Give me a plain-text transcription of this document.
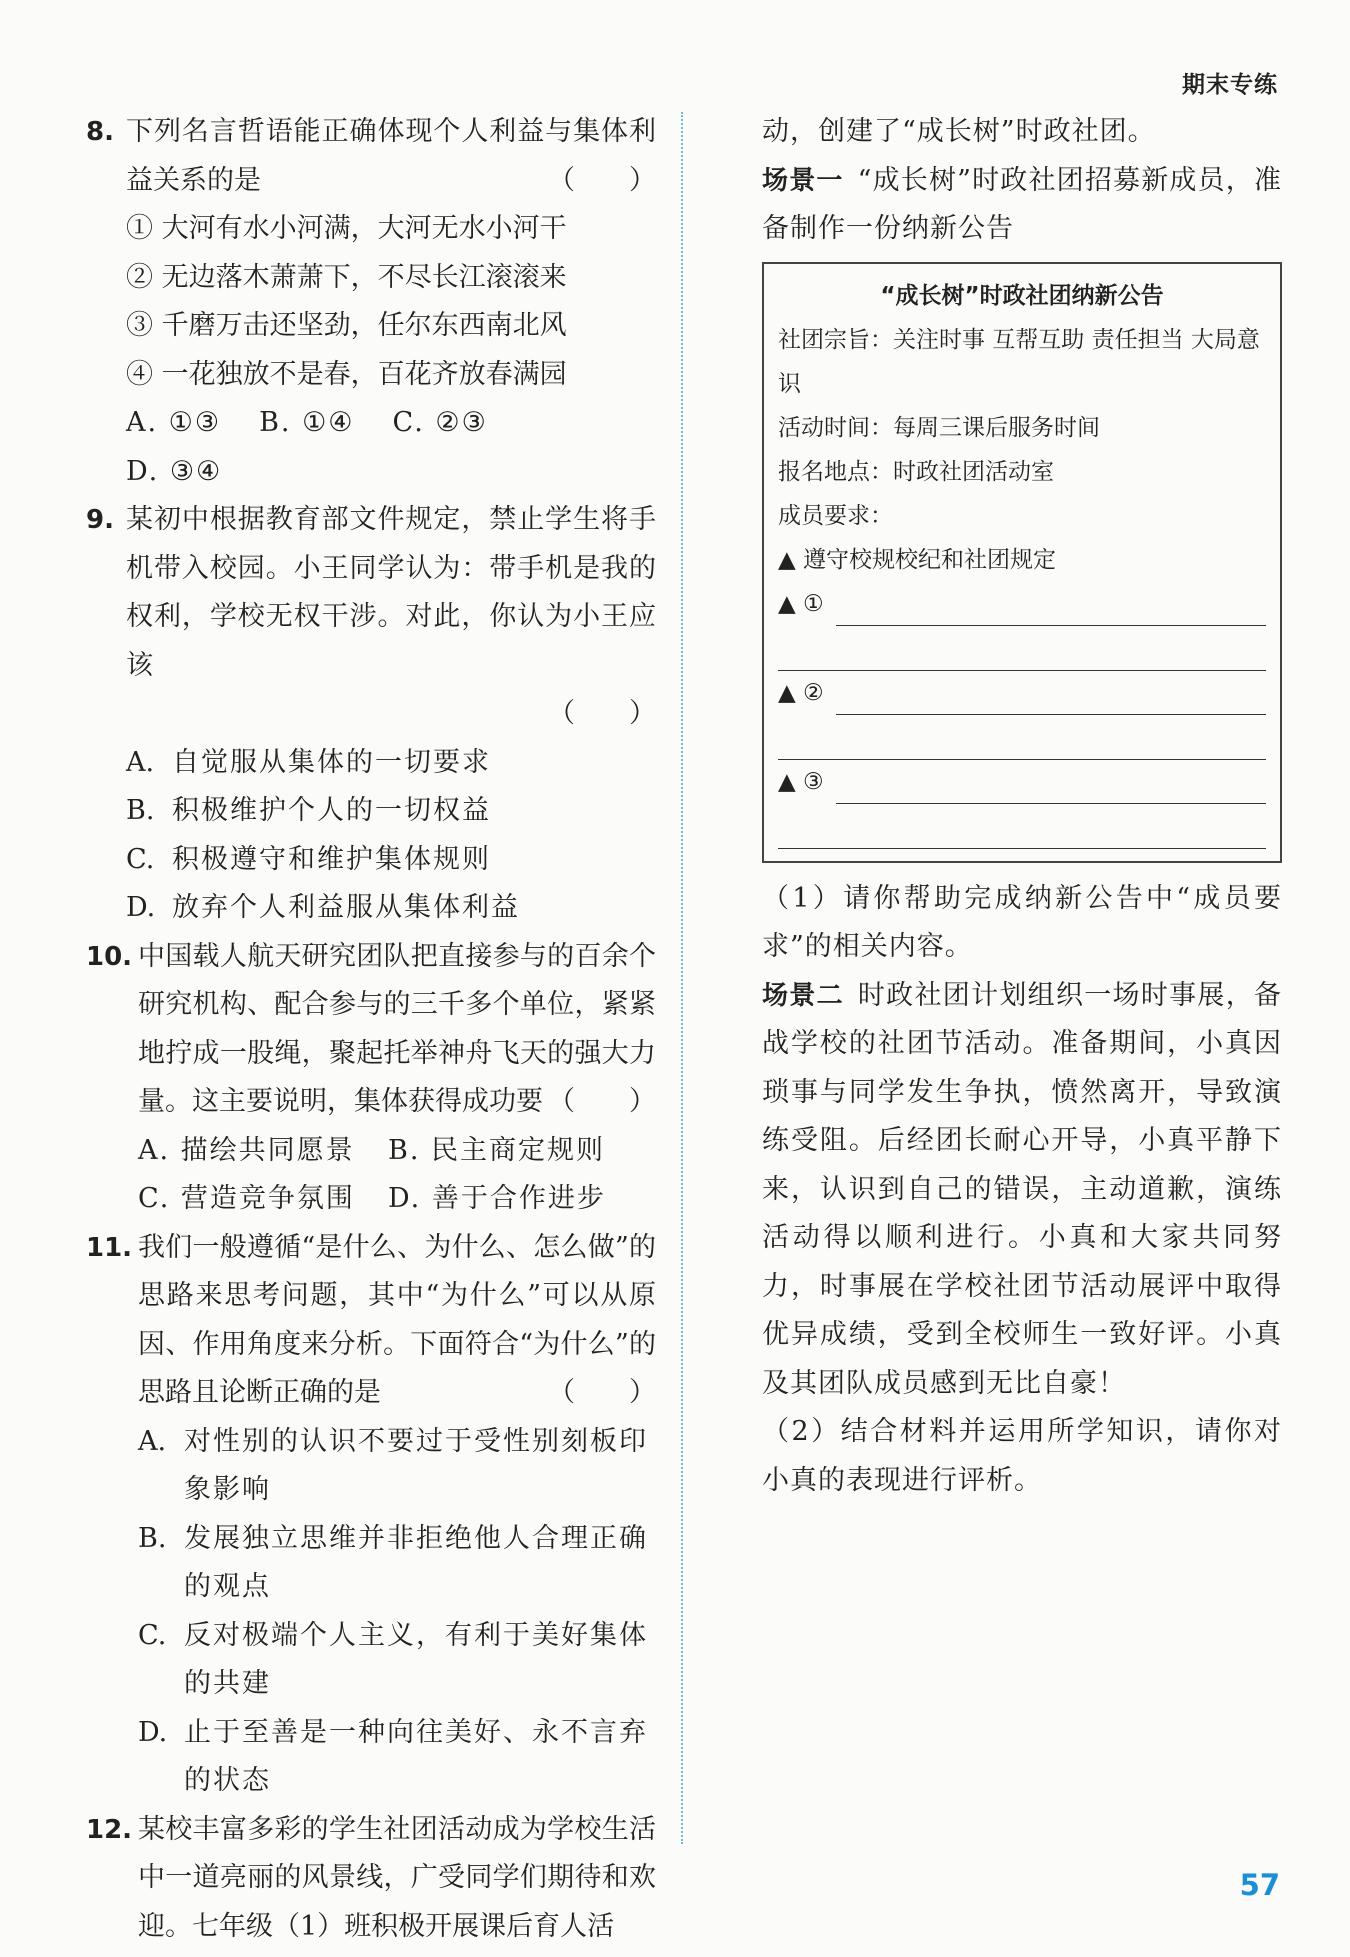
期末专练
8. 下列名言哲语能正确体现个人利益与集体利益关系的是	（　　）
① 大河有水小河满，大河无水小河干
② 无边落木萧萧下，不尽长江滚滚来
③ 千磨万击还坚劲，任尔东西南北风
④ 一花独放不是春，百花齐放春满园
A. ①③ B. ①④ C. ②③D. ③④
9. 某初中根据教育部文件规定，禁止学生将手机带入校园。小王同学认为：带手机是我的权利，学校无权干涉。对此，你认为小王应该
（　　）
A. 自觉服从集体的一切要求
B. 积极维护个人的一切权益
C. 积极遵守和维护集体规则
D. 放弃个人利益服从集体利益
10. 中国载人航天研究团队把直接参与的百余个研究机构、配合参与的三千多个单位，紧紧地拧成一股绳，聚起托举神舟飞天的强大力量。这主要说明，集体获得成功要 （　　）
A. 描绘共同愿景 B. 民主商定规则
C. 营造竞争氛围 D. 善于合作进步
11. 我们一般遵循“是什么、为什么、怎么做”的思路来思考问题，其中“为什么”可以从原因、作用角度来分析。下面符合“为什么”的思路且论断正确的是	（　　）
A. 对性别的认识不要过于受性别刻板印象影响
B. 发展独立思维并非拒绝他人合理正确的观点
C. 反对极端个人主义，有利于美好集体的共建
D. 止于至善是一种向往美好、永不言弃的状态
12. 某校丰富多彩的学生社团活动成为学校生活中一道亮丽的风景线，广受同学们期待和欢迎。七年级（1）班积极开展课后育人活
动，创建了“成长树”时政社团。
场景一 “成长树”时政社团招募新成员，准备制作一份纳新公告
“成长树”时政社团纳新公告
社团宗旨：关注时事 互帮互助 责任担当 大局意识
活动时间：每周三课后服务时间
报名地点：时政社团活动室
成员要求：
▲ 遵守校规校纪和社团规定
▲ ①
▲ ②
▲ ③
（1）请你帮助完成纳新公告中“成员要求”的相关内容。
场景二 时政社团计划组织一场时事展，备战学校的社团节活动。准备期间，小真因琐事与同学发生争执，愤然离开，导致演练受阻。后经团长耐心开导，小真平静下来，认识到自己的错误，主动道歉，演练活动得以顺利进行。小真和大家共同努力，时事展在学校社团节活动展评中取得优异成绩，受到全校师生一致好评。小真及其团队成员感到无比自豪！
（2）结合材料并运用所学知识，请你对小真的表现进行评析。
57
